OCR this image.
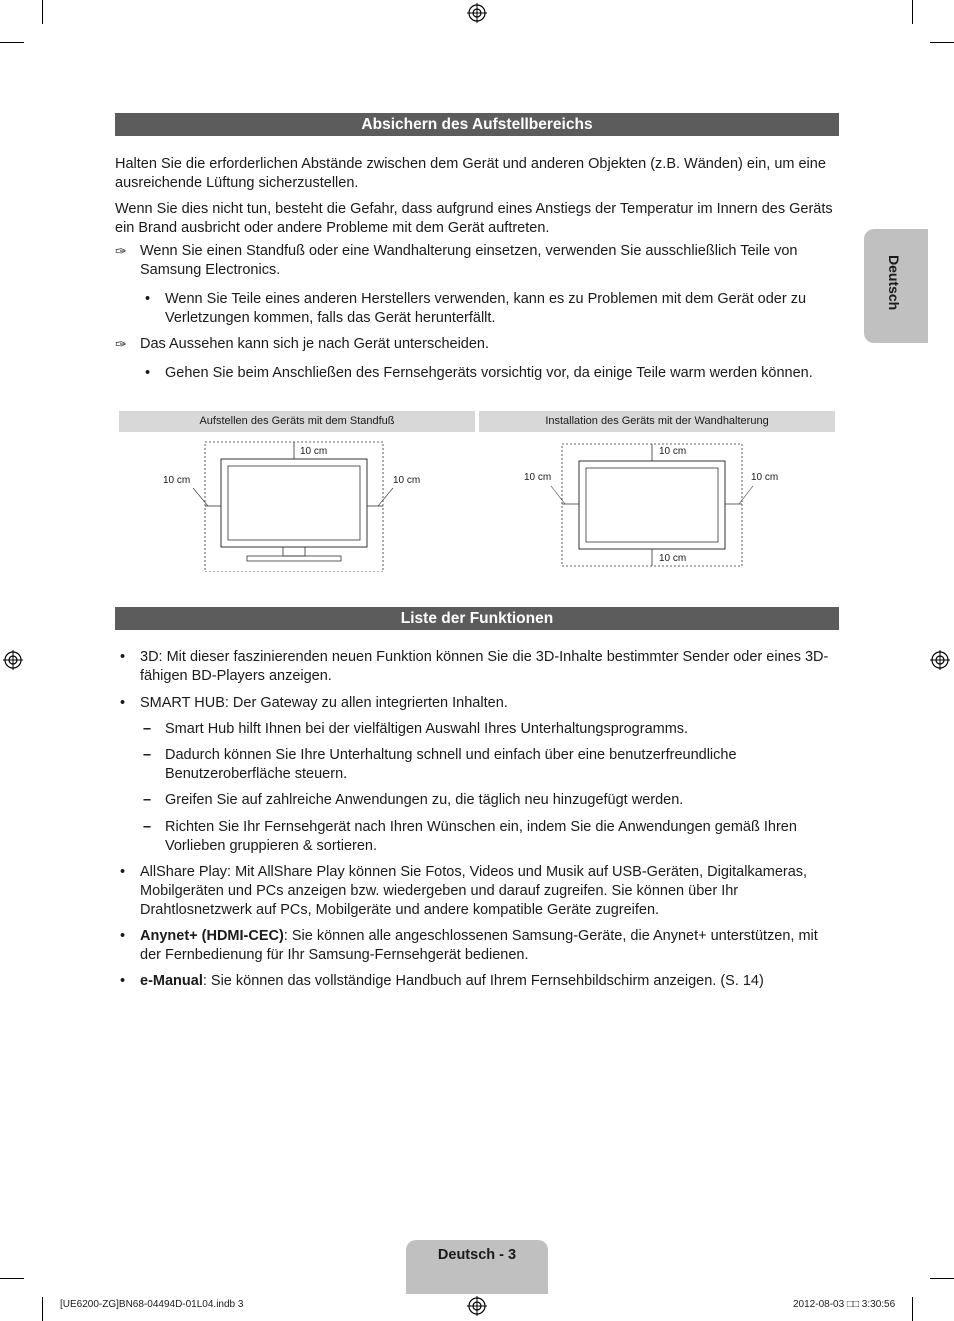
Deutsch
Absichern des Aufstellbereichs
Halten Sie die erforderlichen Abstände zwischen dem Gerät und anderen Objekten (z.B. Wänden) ein, um eine ausreichende Lüftung sicherzustellen.
Wenn Sie dies nicht tun, besteht die Gefahr, dass aufgrund eines Anstiegs der Temperatur im Innern des Geräts ein Brand ausbricht oder andere Probleme mit dem Gerät auftreten.
✑ Wenn Sie einen Standfuß oder eine Wandhalterung einsetzen, verwenden Sie ausschließlich Teile von Samsung Electronics.
• Wenn Sie Teile eines anderen Herstellers verwenden, kann es zu Problemen mit dem Gerät oder zu Verletzungen kommen, falls das Gerät herunterfällt.
✑ Das Aussehen kann sich je nach Gerät unterscheiden.
• Gehen Sie beim Anschließen des Fernsehgeräts vorsichtig vor, da einige Teile warm werden können.
Aufstellen des Geräts mit dem Standfuß	Installation des Geräts mit der Wandhalterung
10 cm
10 cm	10 cm
10 cm
10 cm	10 cm
10 cm
Liste der Funktionen
• 3D: Mit dieser faszinierenden neuen Funktion können Sie die 3D-Inhalte bestimmter Sender oder eines 3D-fähigen BD-Players anzeigen.
• SMART HUB: Der Gateway zu allen integrierten Inhalten.
– Smart Hub hilft Ihnen bei der vielfältigen Auswahl Ihres Unterhaltungsprogramms.
– Dadurch können Sie Ihre Unterhaltung schnell und einfach über eine benutzerfreundliche Benutzeroberfläche steuern.
– Greifen Sie auf zahlreiche Anwendungen zu, die täglich neu hinzugefügt werden.
– Richten Sie Ihr Fernsehgerät nach Ihren Wünschen ein, indem Sie die Anwendungen gemäß Ihren Vorlieben gruppieren & sortieren.
• AllShare Play: Mit AllShare Play können Sie Fotos, Videos und Musik auf USB-Geräten, Digitalkameras, Mobilgeräten und PCs anzeigen bzw. wiedergeben und darauf zugreifen. Sie können über Ihr Drahtlosnetzwerk auf PCs, Mobilgeräte und andere kompatible Geräte zugreifen.
• Anynet+ (HDMI-CEC): Sie können alle angeschlossenen Samsung-Geräte, die Anynet+ unterstützen, mit der Fernbedienung für Ihr Samsung-Fernsehgerät bedienen.
• e-Manual: Sie können das vollständige Handbuch auf Ihrem Fernsehbildschirm anzeigen. (S. 14)
Deutsch - 3
[UE6200-ZG]BN68-04494D-01L04.indb 3	2012-08-03 □□ 3:30:56
